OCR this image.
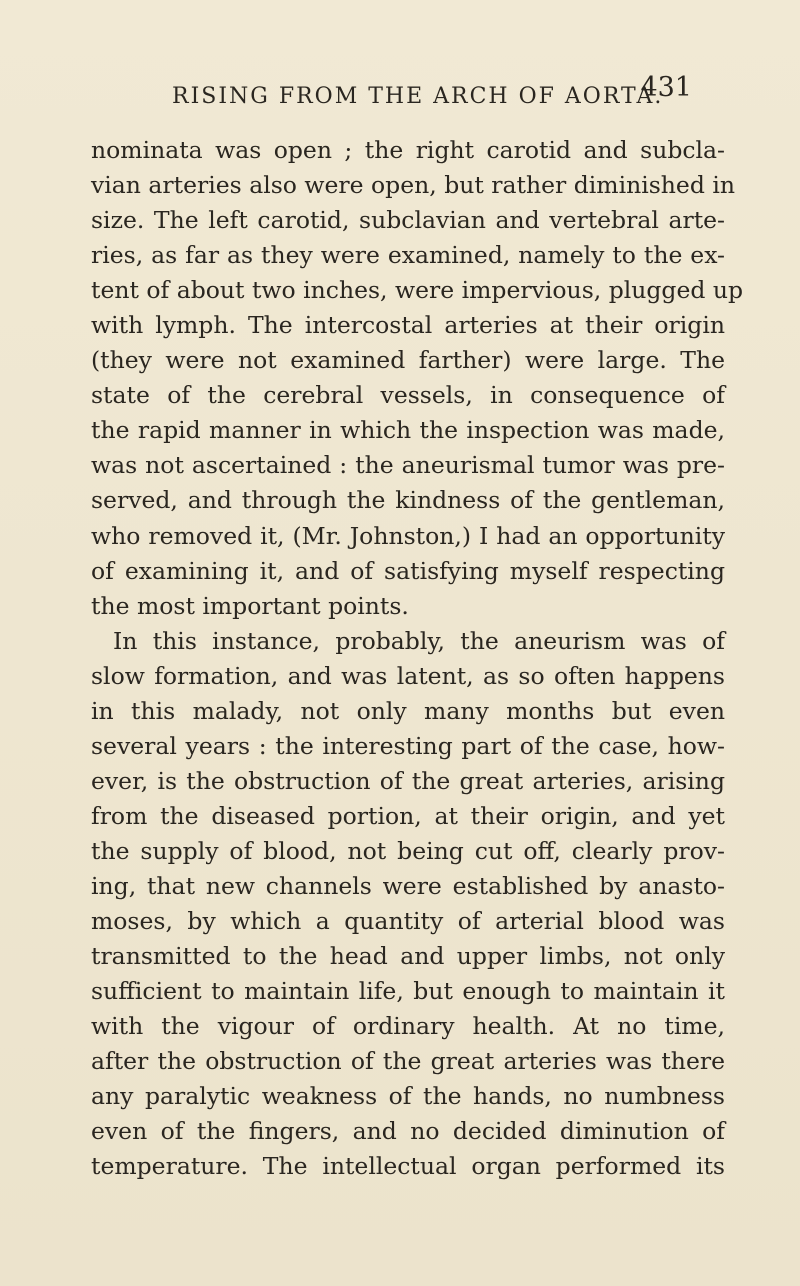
RISING FROM THE ARCH OF AORTA.
431
nominata was open ; the right carotid and subcla-
vian arteries also were open, but rather diminished in
size. The left carotid, subclavian and vertebral arte-
ries, as far as they were examined, namely to the ex-
tent of about two inches, were impervious, plugged up
with lymph. The intercostal arteries at their origin
(they were not examined farther) were large. The
state of the cerebral vessels, in consequence of
the rapid manner in which the inspection was made,
was not ascertained : the aneurismal tumor was pre-
served, and through the kindness of the gentleman,
who removed it, (Mr. Johnston,) I had an opportunity
of examining it, and of satisfying myself respecting
the most important points.
In this instance, probably, the aneurism was of
slow formation, and was latent, as so often happens
in this malady, not only many months but even
several years : the interesting part of the case, how-
ever, is the obstruction of the great arteries, arising
from the diseased portion, at their origin, and yet
the supply of blood, not being cut off, clearly prov-
ing, that new channels were established by anasto-
moses, by which a quantity of arterial blood was
transmitted to the head and upper limbs, not only
sufficient to maintain life, but enough to maintain it
with the vigour of ordinary health. At no time,
after the obstruction of the great arteries was there
any paralytic weakness of the hands, no numbness
even of the fingers, and no decided diminution of
temperature. The intellectual organ performed its
